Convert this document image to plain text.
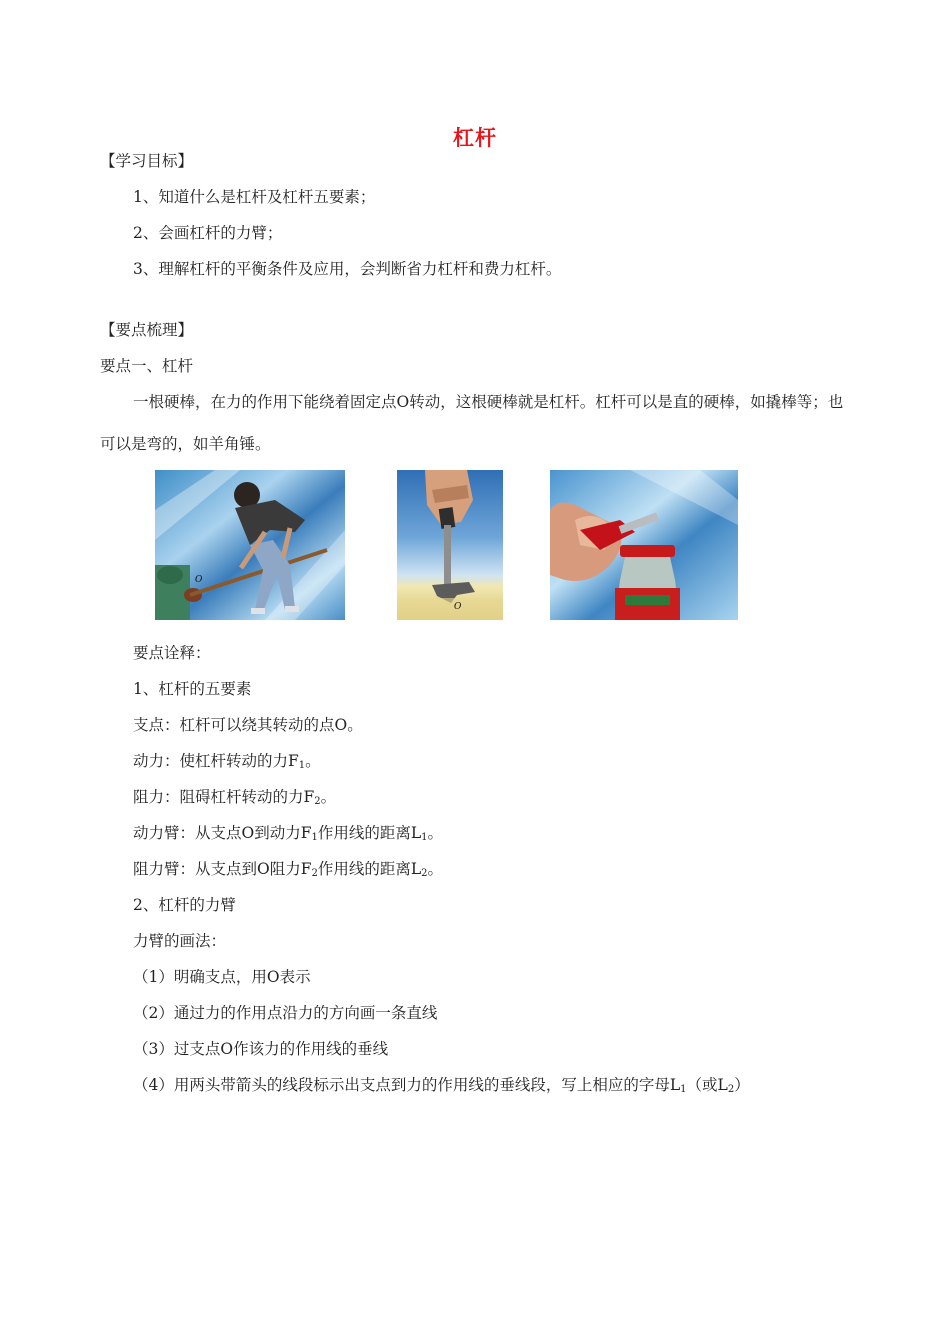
杠杆
【学习目标】
1、知道什么是杠杆及杠杆五要素；
2、会画杠杆的力臂；
3、理解杠杆的平衡条件及应用，会判断省力杠杆和费力杠杆。
【要点梳理】
要点一、杠杆
一根硬棒，在力的作用下能绕着固定点O转动，这根硬棒就是杠杆。杠杆可以是直的硬棒，如撬棒等；也可以是弯的，如羊角锤。
O
O
要点诠释：
1、杠杆的五要素
支点：杠杆可以绕其转动的点O。
动力：使杠杆转动的力$F_1$。
阻力：阻碍杠杆转动的力$F_2$。
动力臂：从支点O到动力$F_1$作用线的距离$L_1$。
阻力臂：从支点到O阻力$F_2$作用线的距离$L_2$。
2、杠杆的力臂
力臂的画法：
（1）明确支点，用O表示
（2）通过力的作用点沿力的方向画一条直线
（3）过支点O作该力的作用线的垂线
（4）用两头带箭头的线段标示出支点到力的作用线的垂线段，写上相应的字母$L_1$（或$L_2$）
